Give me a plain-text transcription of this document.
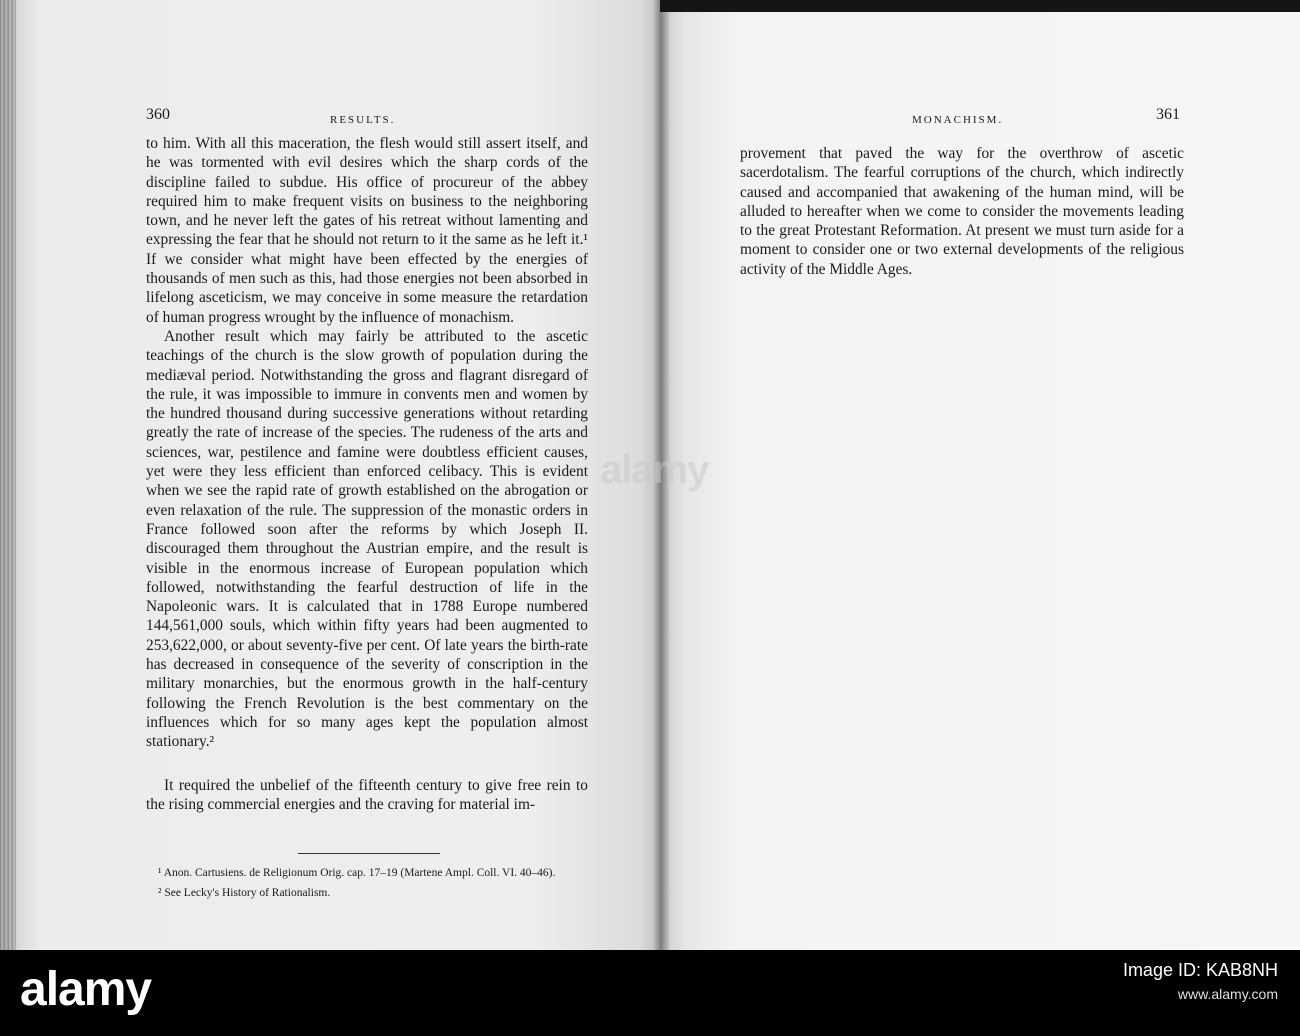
360	RESULTS.

to him. With all this maceration, the flesh would still assert itself, and he was tormented with evil desires which the sharp cords of the discipline failed to subdue. His office of procureur of the abbey required him to make frequent visits on business to the neighboring town, and he never left the gates of his retreat without lamenting and expressing the fear that he should not return to it the same as he left it.¹ If we consider what might have been effected by the energies of thousands of men such as this, had those energies not been absorbed in lifelong asceticism, we may conceive in some measure the retardation of human progress wrought by the influence of monachism.

Another result which may fairly be attributed to the ascetic teachings of the church is the slow growth of population during the mediæval period. Notwithstanding the gross and flagrant disregard of the rule, it was impossible to immure in convents men and women by the hundred thousand during successive generations without retarding greatly the rate of increase of the species. The rudeness of the arts and sciences, war, pestilence and famine were doubtless efficient causes, yet were they less efficient than enforced celibacy. This is evident when we see the rapid rate of growth established on the abrogation or even relaxation of the rule. The suppression of the monastic orders in France followed soon after the reforms by which Joseph II. discouraged them throughout the Austrian empire, and the result is visible in the enormous increase of European population which followed, notwithstanding the fearful destruction of life in the Napoleonic wars. It is calculated that in 1788 Europe numbered 144,561,000 souls, which within fifty years had been augmented to 253,622,000, or about seventy-five per cent. Of late years the birth-rate has decreased in consequence of the severity of conscription in the military monarchies, but the enormous growth in the half-century following the French Revolution is the best commentary on the influences which for so many ages kept the population almost stationary.²

It required the unbelief of the fifteenth century to give free rein to the rising commercial energies and the craving for material im-

¹ Anon. Cartusiens. de Religionum Orig. cap. 17–19 (Martene Ampl. Coll. VI. 40–46).

² See Lecky's History of Rationalism.

MONACHISM.	361

provement that paved the way for the overthrow of ascetic sacerdotalism. The fearful corruptions of the church, which indirectly caused and accompanied that awakening of the human mind, will be alluded to hereafter when we come to consider the movements leading to the great Protestant Reformation. At present we must turn aside for a moment to consider one or two external developments of the religious activity of the Middle Ages.

alamy
alamy	Image ID: KAB8NH
www.alamy.com
